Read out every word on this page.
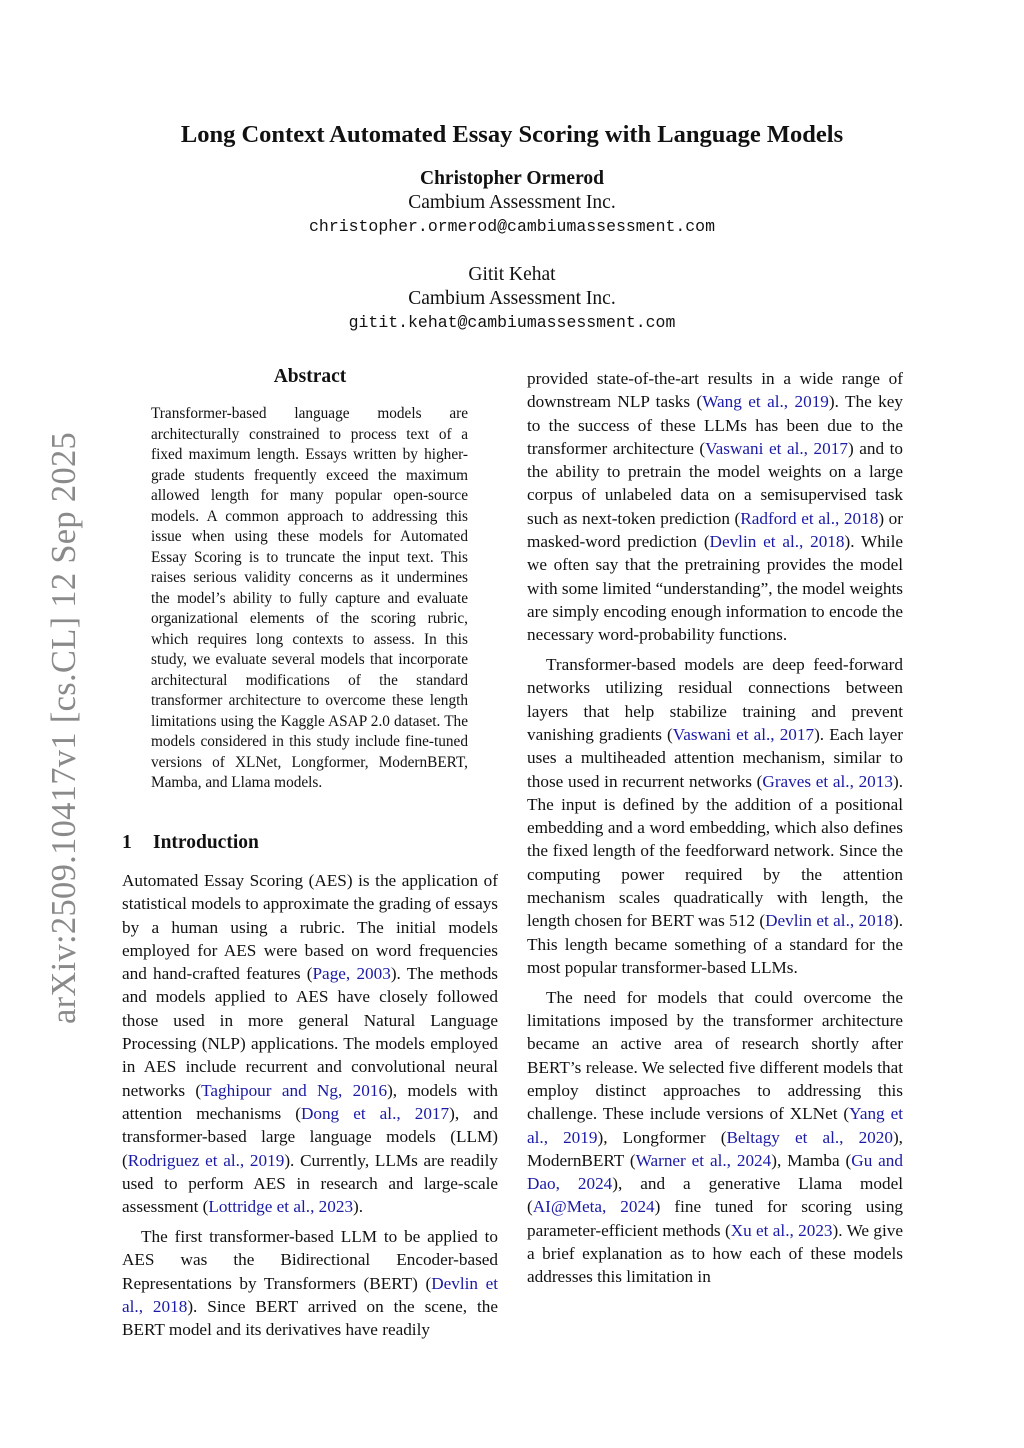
arXiv:2509.10417v1 [cs.CL] 12 Sep 2025
Long Context Automated Essay Scoring with Language Models
Christopher Ormerod
Cambium Assessment Inc.
christopher.ormerod@cambiumassessment.com
Gitit Kehat
Cambium Assessment Inc.
gitit.kehat@cambiumassessment.com
Abstract
Transformer-based language models are architecturally constrained to process text of a fixed maximum length. Essays written by higher-grade students frequently exceed the maximum allowed length for many popular open-source models. A common approach to addressing this issue when using these models for Automated Essay Scoring is to truncate the input text. This raises serious validity concerns as it undermines the model’s ability to fully capture and evaluate organizational elements of the scoring rubric, which requires long contexts to assess. In this study, we evaluate several models that incorporate architectural modifications of the standard transformer architecture to overcome these length limitations using the Kaggle ASAP 2.0 dataset. The models considered in this study include fine-tuned versions of XLNet, Longformer, ModernBERT, Mamba, and Llama models.
1 Introduction

Automated Essay Scoring (AES) is the application of statistical models to approximate the grading of essays by a human using a rubric. The initial models employed for AES were based on word frequencies and hand-crafted features (Page, 2003). The methods and models applied to AES have closely followed those used in more general Natural Language Processing (NLP) applications. The models employed in AES include recurrent and convolutional neural networks (Taghipour and Ng, 2016), models with attention mechanisms (Dong et al., 2017), and transformer-based large language models (LLM) (Rodriguez et al., 2019). Currently, LLMs are readily used to perform AES in research and large-scale assessment (Lottridge et al., 2023).

The first transformer-based LLM to be applied to AES was the Bidirectional Encoder-based Representations by Transformers (BERT) (Devlin et al., 2018). Since BERT arrived on the scene, the BERT model and its derivatives have readily

provided state-of-the-art results in a wide range of downstream NLP tasks (Wang et al., 2019). The key to the success of these LLMs has been due to the transformer architecture (Vaswani et al., 2017) and to the ability to pretrain the model weights on a large corpus of unlabeled data on a semisupervised task such as next-token prediction (Radford et al., 2018) or masked-word prediction (Devlin et al., 2018). While we often say that the pretraining provides the model with some limited “understanding”, the model weights are simply encoding enough information to encode the necessary word-probability functions.

Transformer-based models are deep feed-forward networks utilizing residual connections between layers that help stabilize training and prevent vanishing gradients (Vaswani et al., 2017). Each layer uses a multiheaded attention mechanism, similar to those used in recurrent networks (Graves et al., 2013). The input is defined by the addition of a positional embedding and a word embedding, which also defines the fixed length of the feedforward network. Since the computing power required by the attention mechanism scales quadratically with length, the length chosen for BERT was 512 (Devlin et al., 2018). This length became something of a standard for the most popular transformer-based LLMs.

The need for models that could overcome the limitations imposed by the transformer architecture became an active area of research shortly after BERT’s release. We selected five different models that employ distinct approaches to addressing this challenge. These include versions of XLNet (Yang et al., 2019), Longformer (Beltagy et al., 2020), ModernBERT (Warner et al., 2024), Mamba (Gu and Dao, 2024), and a generative Llama model (AI@Meta, 2024) fine tuned for scoring using parameter-efficient methods (Xu et al., 2023). We give a brief explanation as to how each of these models addresses this limitation in
